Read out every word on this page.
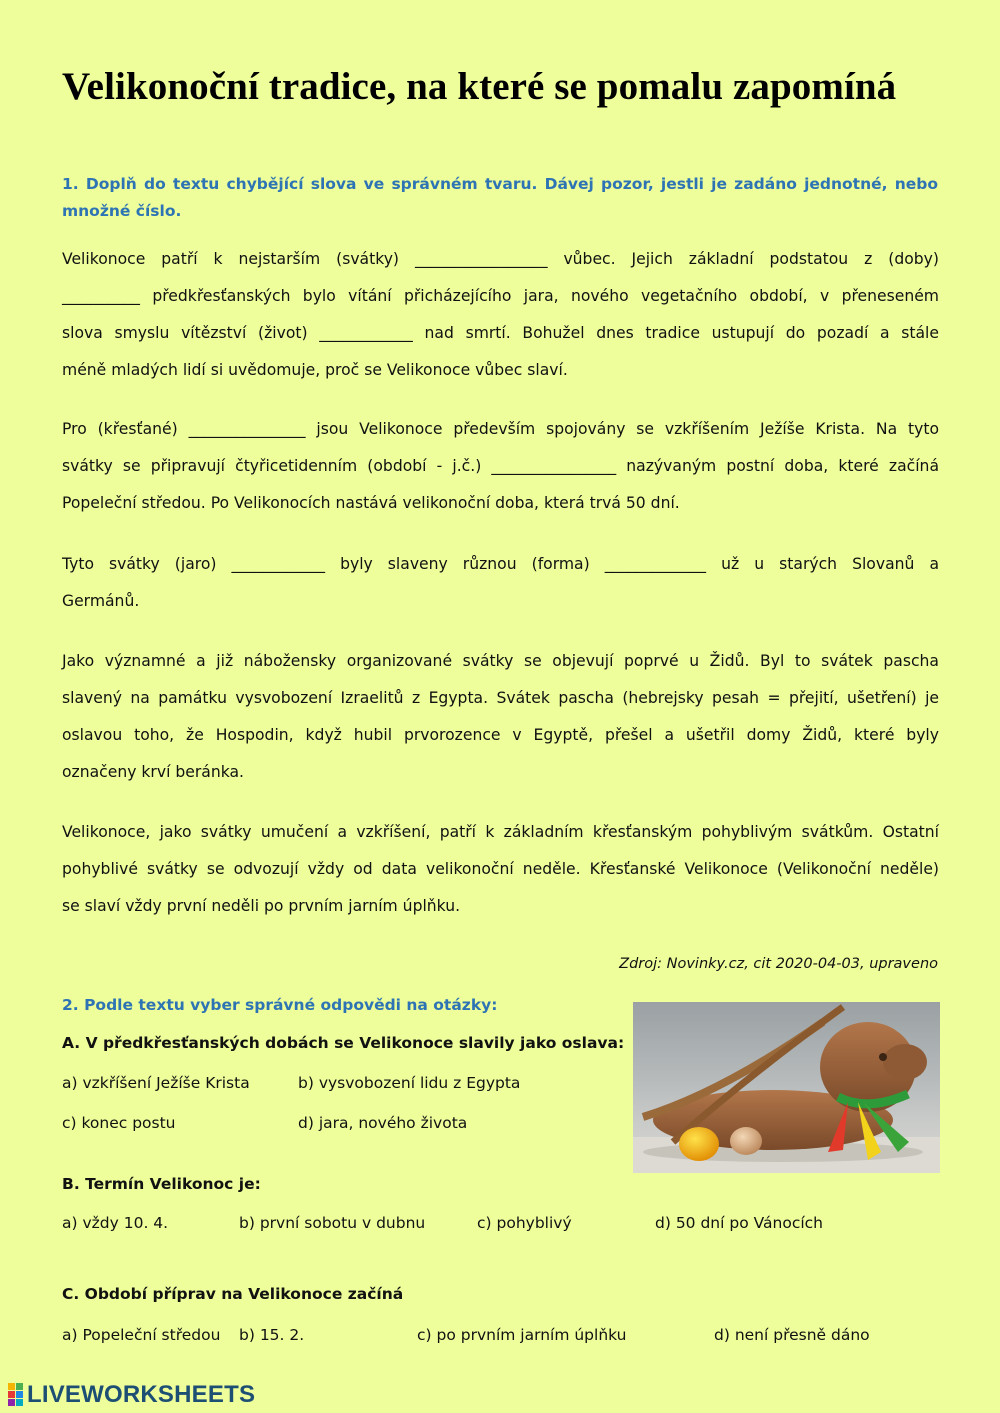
Velikonoční tradice, na které se pomalu zapomíná
1. Doplň do textu chybějící slova ve správném tvaru. Dávej pozor, jestli je zadáno jednotné, nebo
množné číslo.
Velikonoce patří k nejstarším (svátky) _________________ vůbec. Jejich základní podstatou z (doby)
__________ předkřesťanských bylo vítání přicházejícího jara, nového vegetačního období, v přeneseném
slova smyslu vítězství (život) ____________ nad smrtí. Bohužel dnes tradice ustupují do pozadí a stále
méně mladých lidí si uvědomuje, proč se Velikonoce vůbec slaví.
Pro (křesťané) _______________ jsou Velikonoce především spojovány se vzkříšením Ježíše Krista. Na tyto
svátky se připravují čtyřicetidenním (období - j.č.) ________________ nazývaným postní doba, které začíná
Popeleční středou. Po Velikonocích nastává velikonoční doba, která trvá 50 dní.
Tyto svátky (jaro) ____________ byly slaveny různou (forma) _____________ už u starých Slovanů a
Germánů.
Jako významné a již nábožensky organizované svátky se objevují poprvé u Židů. Byl to svátek pascha
slavený na památku vysvobození Izraelitů z Egypta. Svátek pascha (hebrejsky pesah = přejití, ušetření) je
oslavou toho, že Hospodin, když hubil prvorozence v Egyptě, přešel a ušetřil domy Židů, které byly
označeny krví beránka.
Velikonoce, jako svátky umučení a vzkříšení, patří k základním křesťanským pohyblivým svátkům. Ostatní
pohyblivé svátky se odvozují vždy od data velikonoční neděle. Křesťanské Velikonoce (Velikonoční neděle)
se slaví vždy první neděli po prvním jarním úplňku.
Zdroj: Novinky.cz, cit 2020-04-03, upraveno
2. Podle textu vyber správné odpovědi na otázky:
A. V předkřesťanských dobách se Velikonoce slavily jako oslava:
a) vzkříšení Ježíše Krista	b) vysvobození lidu z Egypta
c) konec postu	d) jara, nového života
B. Termín Velikonoc je:
a) vždy 10. 4.	b) první sobotu v dubnu	c) pohyblivý	d) 50 dní po Vánocích
C. Období příprav na Velikonoce začíná
a) Popeleční středou b) 15. 2.	c) po prvním jarním úplňku	d) není přesně dáno
LIVEWORKSHEETS
